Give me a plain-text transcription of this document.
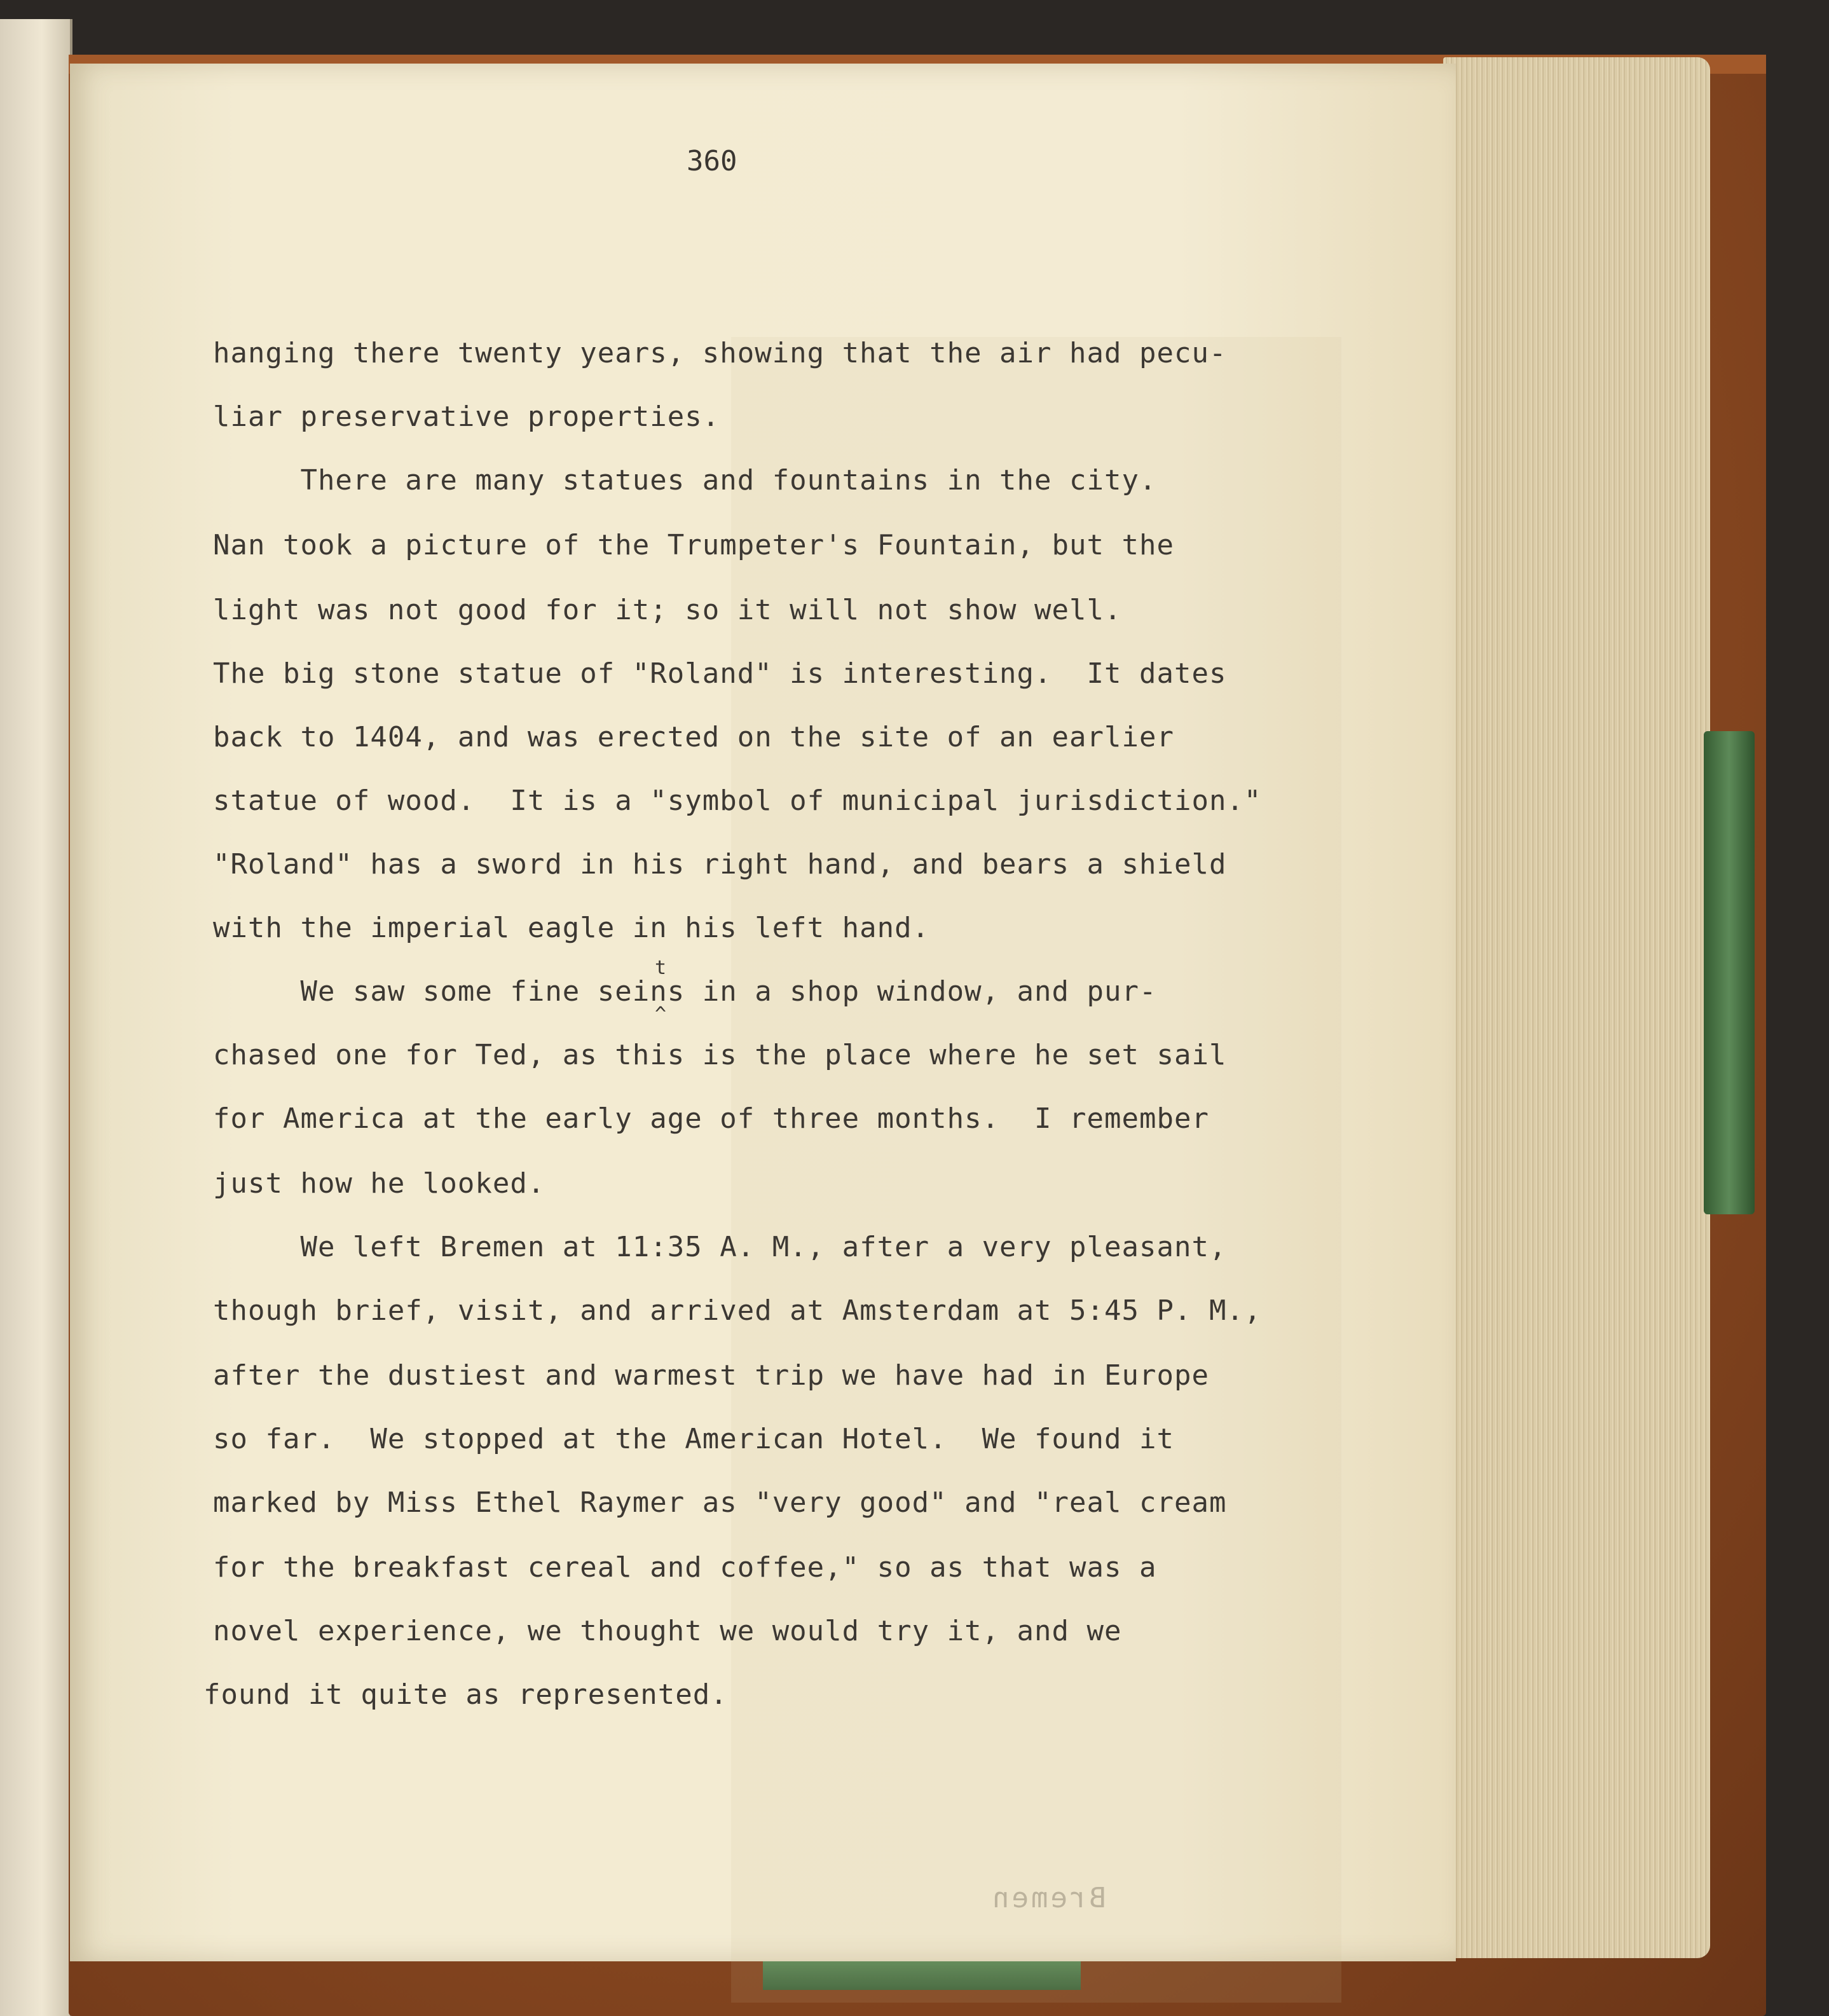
Bremen
360
hanging there twenty years, showing that the air had pecu-
liar preservative properties.
There are many statues and fountains in the city.
Nan took a picture of the Trumpeter's Fountain, but the
light was not good for it; so it will not show well.
The big stone statue of "Roland" is interesting.  It dates
back to 1404, and was erected on the site of an earlier
statue of wood.  It is a "symbol of municipal jurisdiction."
"Roland" has a sword in his right hand, and bears a shield
with the imperial eagle in his left hand.
t
^
We saw some fine seins in a shop window, and pur-
chased one for Ted, as this is the place where he set sail
for America at the early age of three months.  I remember
just how he looked.
We left Bremen at 11:35 A. M., after a very pleasant,
though brief, visit, and arrived at Amsterdam at 5:45 P. M.,
after the dustiest and warmest trip we have had in Europe
so far.  We stopped at the American Hotel.  We found it
marked by Miss Ethel Raymer as "very good" and "real cream
for the breakfast cereal and coffee," so as that was a
novel experience, we thought we would try it, and we
found it quite as represented.
